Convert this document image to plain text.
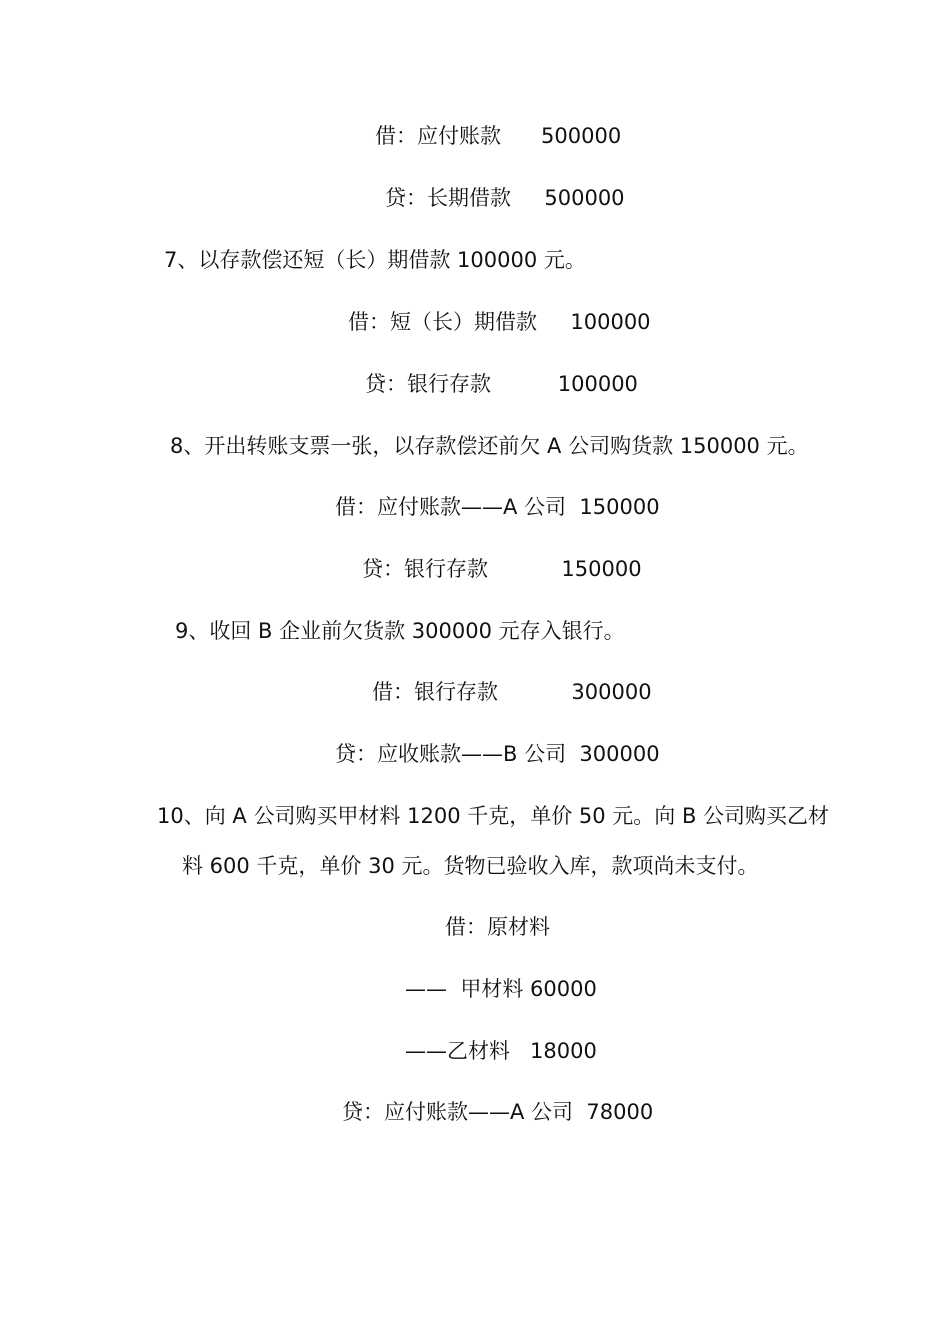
借：应付账款      500000

贷：长期借款     500000

7、以存款偿还短（长）期借款 100000 元。

借：短（长）期借款     100000

贷：银行存款          100000

8、开出转账支票一张，以存款偿还前欠 A 公司购货款 150000 元。

借：应付账款——A 公司  150000

贷：银行存款           150000

9、收回 B 企业前欠货款 300000 元存入银行。

借：银行存款           300000

贷：应收账款——B 公司  300000

10、向 A 公司购买甲材料 1200 千克，单价 50 元。向 B 公司购买乙材

料 600 千克，单价 30 元。货物已验收入库，款项尚未支付。

借：原材料

——  甲材料 60000

——乙材料   18000

贷：应付账款——A 公司  78000
